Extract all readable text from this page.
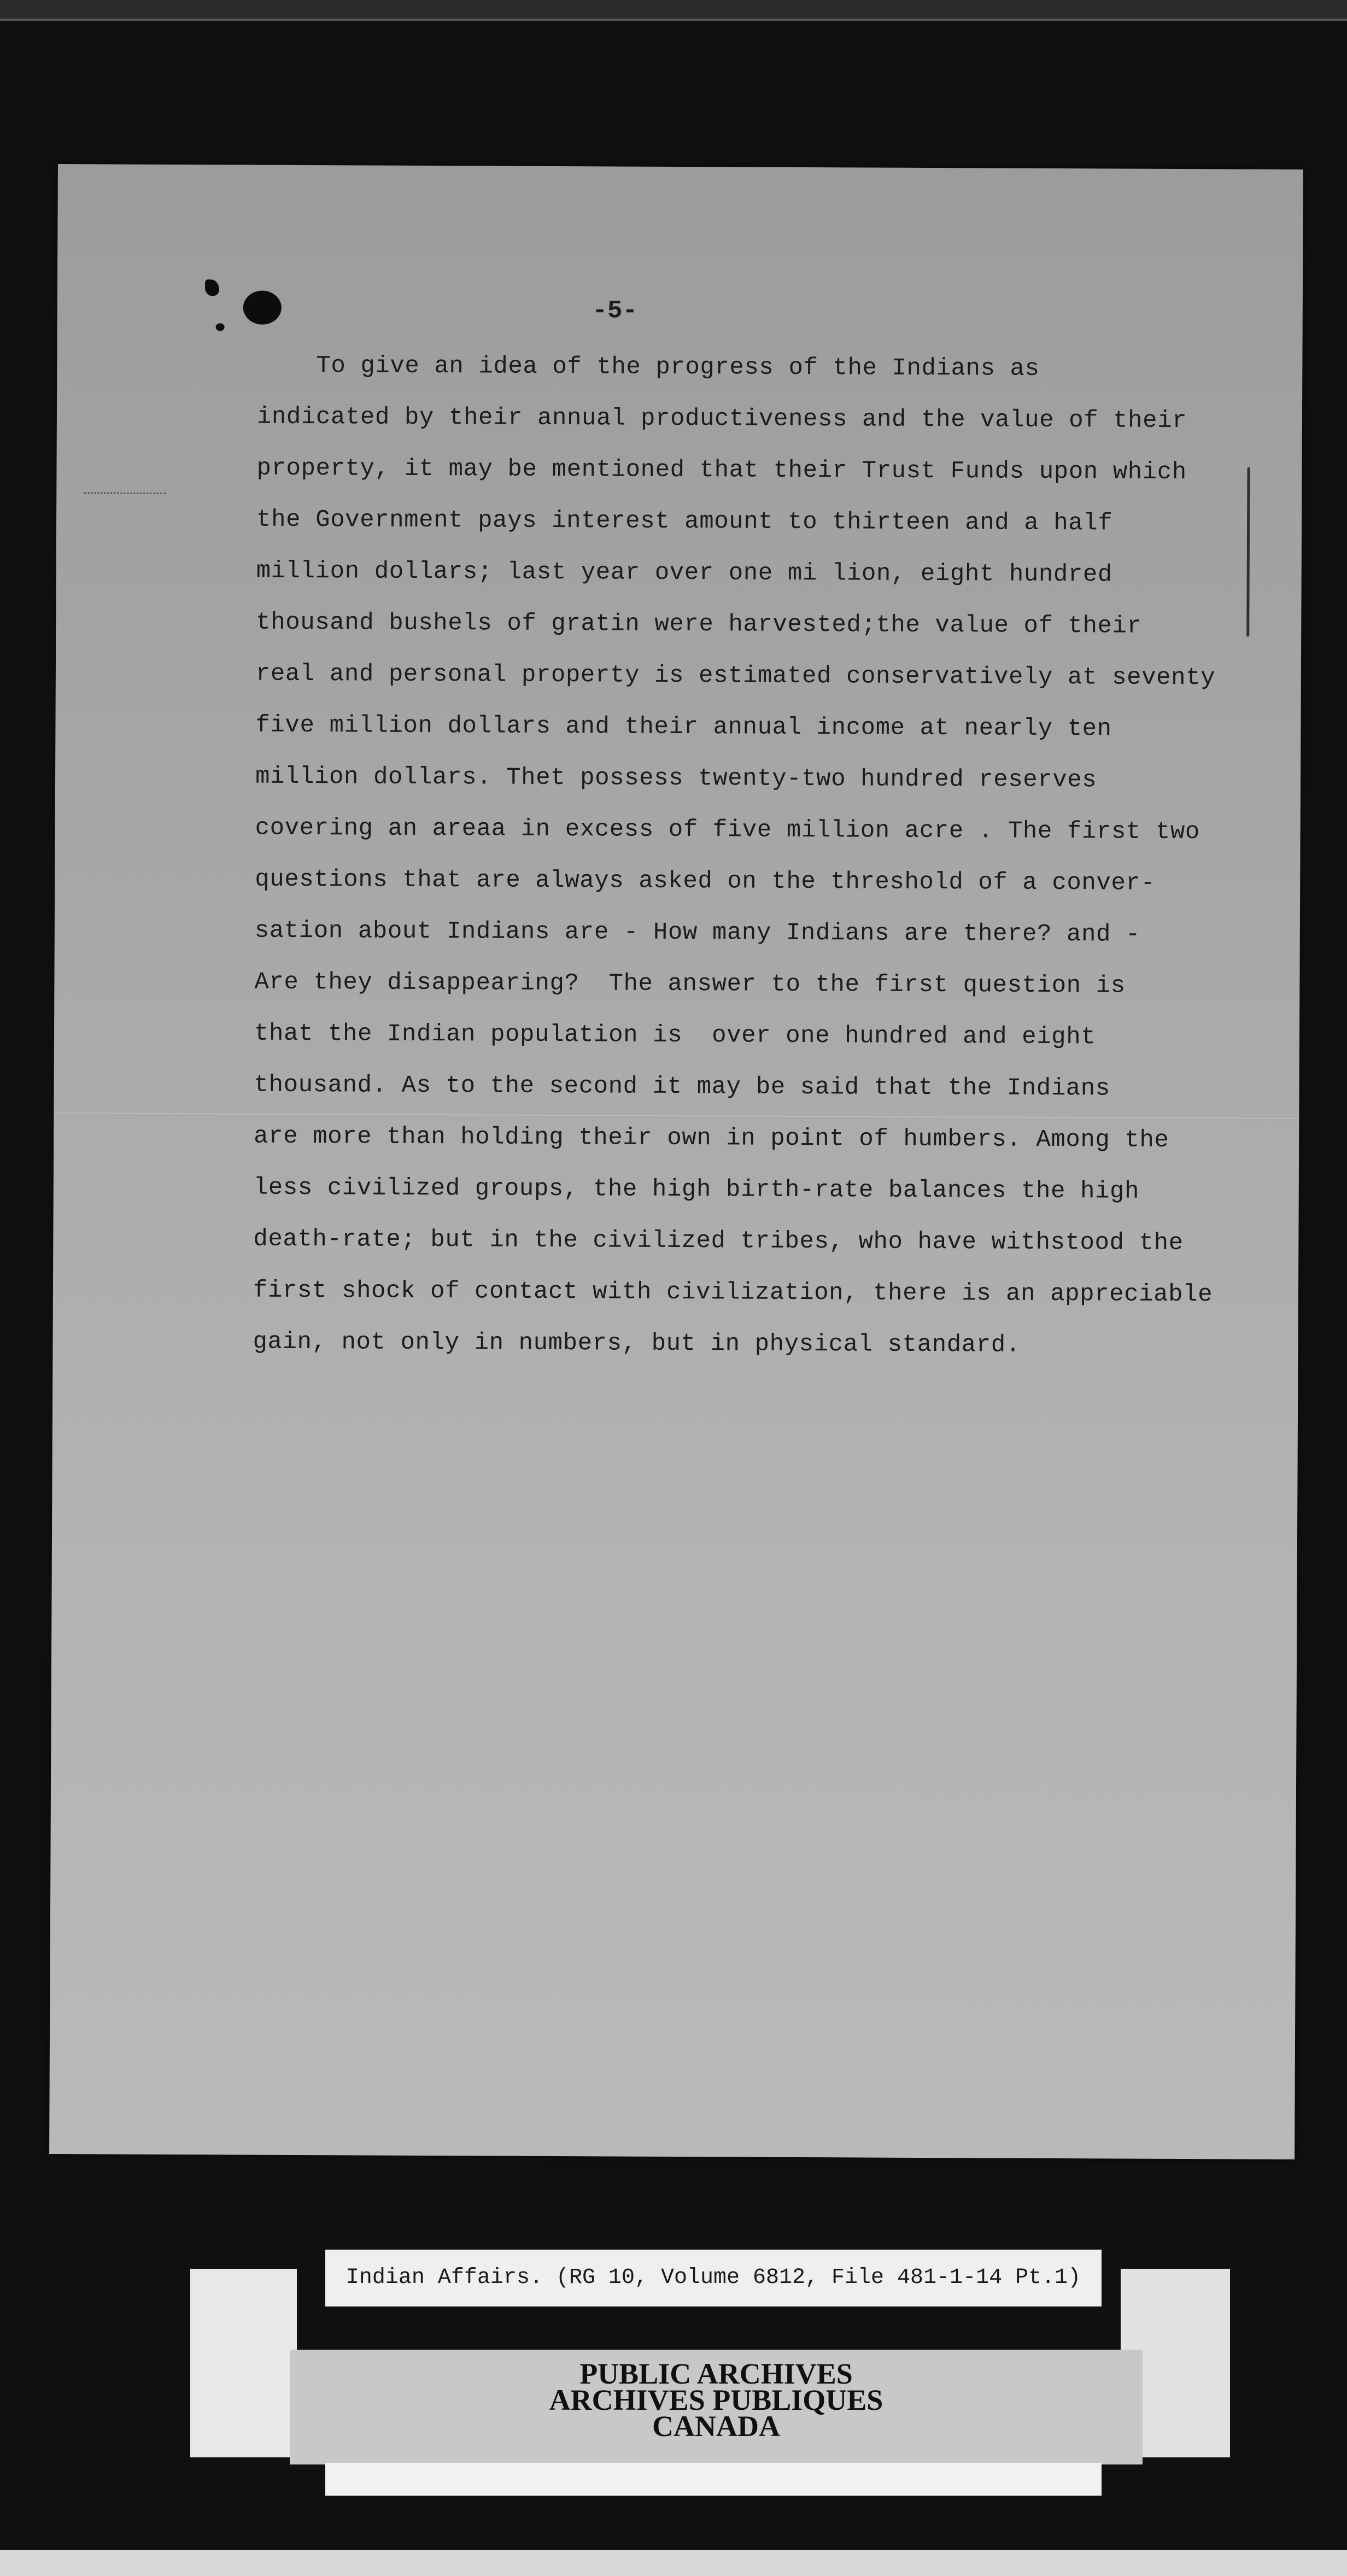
-5-
To give an idea of the progress of the Indians as
indicated by their annual productiveness and the value of their
property, it may be mentioned that their Trust Funds upon which
the Government pays interest amount to thirteen and a half
million dollars; last year over one mi lion, eight hundred
thousand bushels of gratin were harvested;the value of their
real and personal property is estimated conservatively at seventy
five million dollars and their annual income at nearly ten
million dollars. Thet possess twenty-two hundred reserves
covering an areaa in excess of five million acre . The first two
questions that are always asked on the threshold of a conver-
sation about Indians are - How many Indians are there? and -
Are they disappearing?  The answer to the first question is
that the Indian population is  over one hundred and eight
thousand. As to the second it may be said that the Indians
are more than holding their own in point of humbers. Among the
less civilized groups, the high birth-rate balances the high
death-rate; but in the civilized tribes, who have withstood the
first shock of contact with civilization, there is an appreciable
gain, not only in numbers, but in physical standard.
Indian Affairs. (RG 10, Volume 6812, File 481-1-14 Pt.1)
PUBLIC ARCHIVES
ARCHIVES PUBLIQUES
CANADA
